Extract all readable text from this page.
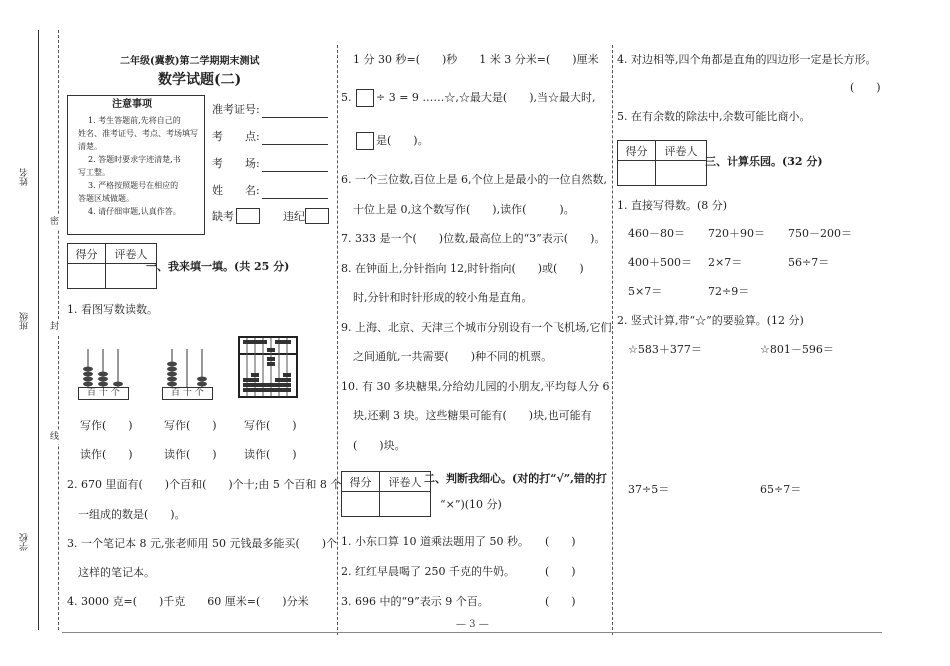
姓名
班级
学校
密
封
线
二年级(冀教)第二学期期末测试
数学试题(二)
注意事项
1. 考生答题前,先将自己的
姓名、准考证号、考点、考场填写
清楚。
2. 答题时要求字迹清楚,书
写工整。
3. 严格按照题号在相应的
答题区域做题。
4. 请仔细审题,认真作答。
准考证号:
考　　点:
考　　场:
姓　　名:
缺考	违纪
得分	评卷人
一、我来填一填。(共 25 分)
1. 看图写数读数。
百 十 个	百 十 个
写作(　　)	写作(　　) 写作(　　)
读作(　　)	读作(　　) 读作(　　)
2. 670 里面有(　　)个百和(　　)个十;由 5 个百和 8 个
一组成的数是(　　)。
3. 一个笔记本 8 元,张老师用 50 元钱最多能买(　　)个
这样的笔记本。
4. 3000 克=(　　)千克　　60 厘米=(　　)分米
1 分 30 秒=(　　)秒　　1 米 3 分米=(　　)厘米
5. ÷ 3 = 9 ……☆,☆最大是(　　),当☆最大时,
是(　　)。
6. 一个三位数,百位上是 6,个位上是最小的一位自然数,
十位上是 0,这个数写作(　　),读作(　　　)。
7. 333 是一个(　　)位数,最高位上的“3”表示(　　)。
8. 在钟面上,分针指向 12,时针指向(　　)或(　　)
时,分针和时针形成的较小角是直角。
9. 上海、北京、天津三个城市分别设有一个飞机场,它们
之间通航,一共需要(　　)种不同的机票。
10. 有 30 多块糖果,分给幼儿园的小朋友,平均每人分 6
块,还剩 3 块。这些糖果可能有(　　)块,也可能有
(　　)块。
得分	评卷人 二、判断我细心。(对的打“√”,错的打
“×”)(10 分)
1. 小东口算 10 道乘法题用了 50 秒。 (　　)
2. 红红早晨喝了 250 千克的牛奶。	(　　)
3. 696 中的“9”表示 9 个百。	(　　)
4. 对边相等,四个角都是直角的四边形一定是长方形。
(　　)
5. 在有余数的除法中,余数可能比商小。
得分	评卷人
三、计算乐园。(32 分)
1. 直接写得数。(8 分)
460－80＝ 720＋90＝ 750－200＝
400＋500＝ 2×7＝	56÷7＝
5×7＝	72÷9＝
2. 竖式计算,带“☆”的要验算。(12 分)
☆583＋377＝	☆801－596＝
37÷5＝	65÷7＝
— 3 —
